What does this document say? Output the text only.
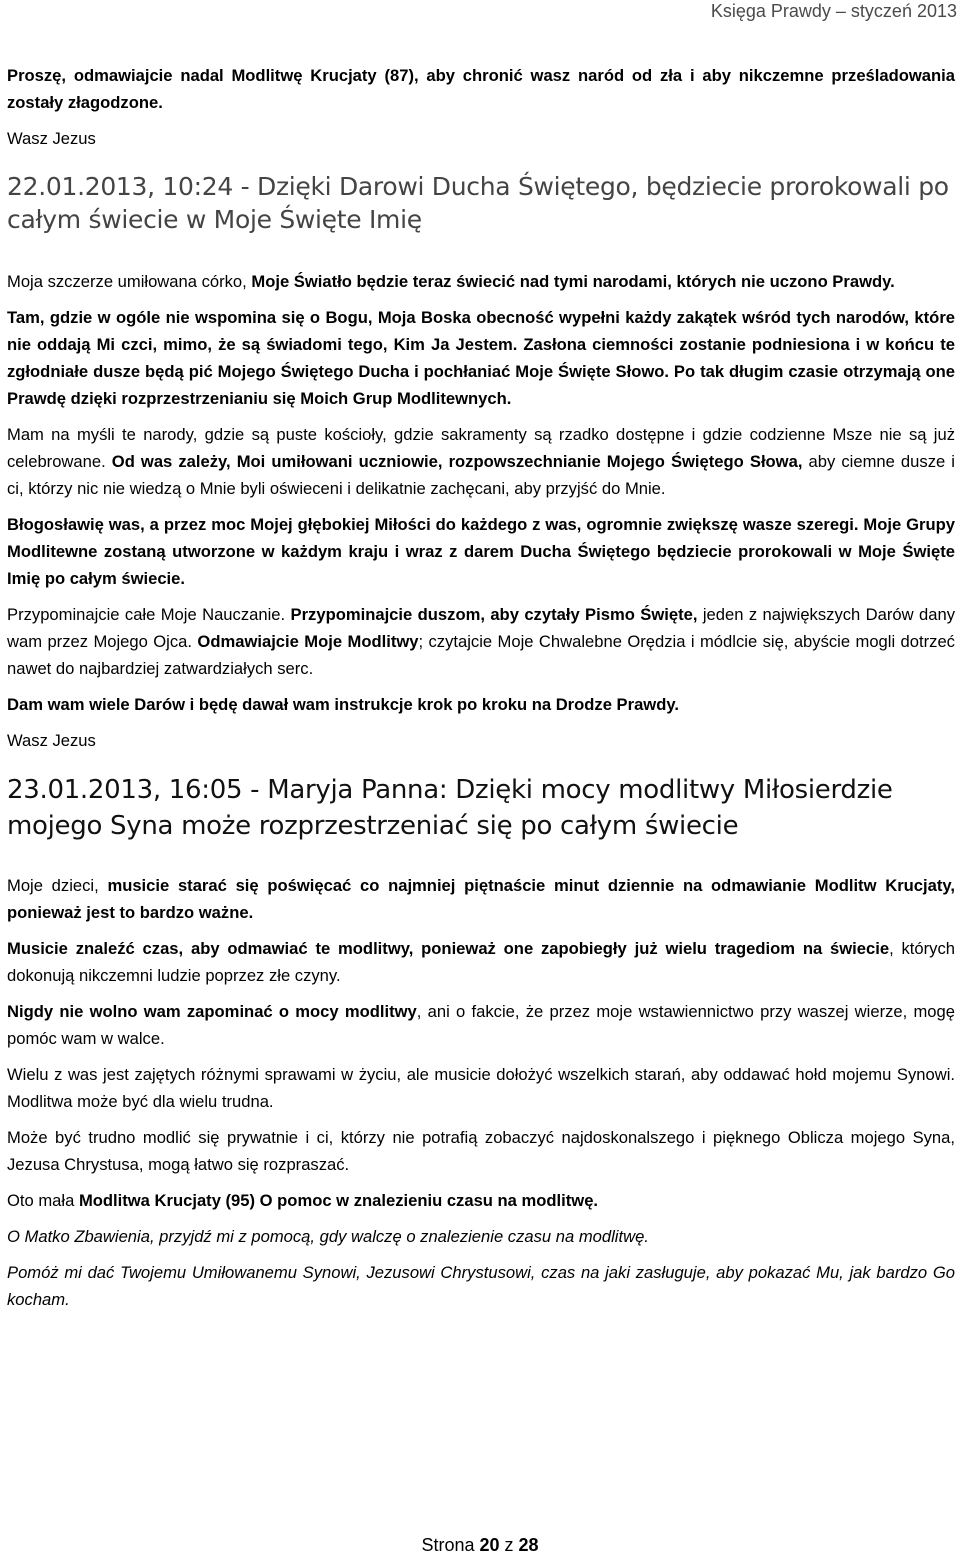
Księga Prawdy – styczeń 2013

Proszę, odmawiajcie nadal Modlitwę Krucjaty (87), aby chronić wasz naród od zła i aby nikczemne prześladowania zostały złagodzone.

Wasz Jezus

22.01.2013, 10:24 - Dzięki Darowi Ducha Świętego, będziecie prorokowali po całym świecie w Moje Święte Imię

Moja szczerze umiłowana córko, Moje Światło będzie teraz świecić nad tymi narodami, których nie uczono Prawdy.

Tam, gdzie w ogóle nie wspomina się o Bogu, Moja Boska obecność wypełni każdy zakątek wśród tych narodów, które nie oddają Mi czci, mimo, że są świadomi tego, Kim Ja Jestem. Zasłona ciemności zostanie podniesiona i w końcu te zgłodniałe dusze będą pić Mojego Świętego Ducha i pochłaniać Moje Święte Słowo. Po tak długim czasie otrzymają one Prawdę dzięki rozprzestrzenianiu się Moich Grup Modlitewnych.

Mam na myśli te narody, gdzie są puste kościoły, gdzie sakramenty są rzadko dostępne i gdzie codzienne Msze nie są już celebrowane. Od was zależy, Moi umiłowani uczniowie, rozpowszechnianie Mojego Świętego Słowa, aby ciemne dusze i ci, którzy nic nie wiedzą o Mnie byli oświeceni i delikatnie zachęcani, aby przyjść do Mnie.

Błogosławię was, a przez moc Mojej głębokiej Miłości do każdego z was, ogromnie zwiększę wasze szeregi. Moje Grupy Modlitewne zostaną utworzone w każdym kraju i wraz z darem Ducha Świętego będziecie prorokowali w Moje Święte Imię po całym świecie.

Przypominajcie całe Moje Nauczanie. Przypominajcie duszom, aby czytały Pismo Święte, jeden z największych Darów dany wam przez Mojego Ojca. Odmawiajcie Moje Modlitwy; czytajcie Moje Chwalebne Orędzia i módlcie się, abyście mogli dotrzeć nawet do najbardziej zatwardziałych serc.

Dam wam wiele Darów i będę dawał wam instrukcje krok po kroku na Drodze Prawdy.

Wasz Jezus

23.01.2013, 16:05 - Maryja Panna: Dzięki mocy modlitwy Miłosierdzie mojego Syna może rozprzestrzeniać się po całym świecie

Moje dzieci, musicie starać się poświęcać co najmniej piętnaście minut dziennie na odmawianie Modlitw Krucjaty, ponieważ jest to bardzo ważne.

Musicie znaleźć czas, aby odmawiać te modlitwy, ponieważ one zapobiegły już wielu tragediom na świecie, których dokonują nikczemni ludzie poprzez złe czyny.

Nigdy nie wolno wam zapominać o mocy modlitwy, ani o fakcie, że przez moje wstawiennictwo przy waszej wierze, mogę pomóc wam w walce.

Wielu z was jest zajętych różnymi sprawami w życiu, ale musicie dołożyć wszelkich starań, aby oddawać hołd mojemu Synowi. Modlitwa może być dla wielu trudna.

Może być trudno modlić się prywatnie i ci, którzy nie potrafią zobaczyć najdoskonalszego i pięknego Oblicza mojego Syna, Jezusa Chrystusa, mogą łatwo się rozpraszać.

Oto mała Modlitwa Krucjaty (95) O pomoc w znalezieniu czasu na modlitwę.

O Matko Zbawienia, przyjdź mi z pomocą, gdy walczę o znalezienie czasu na modlitwę.

Pomóż mi dać Twojemu Umiłowanemu Synowi, Jezusowi Chrystusowi, czas na jaki zasługuje, aby pokazać Mu, jak bardzo Go kocham.

Strona 20 z 28
